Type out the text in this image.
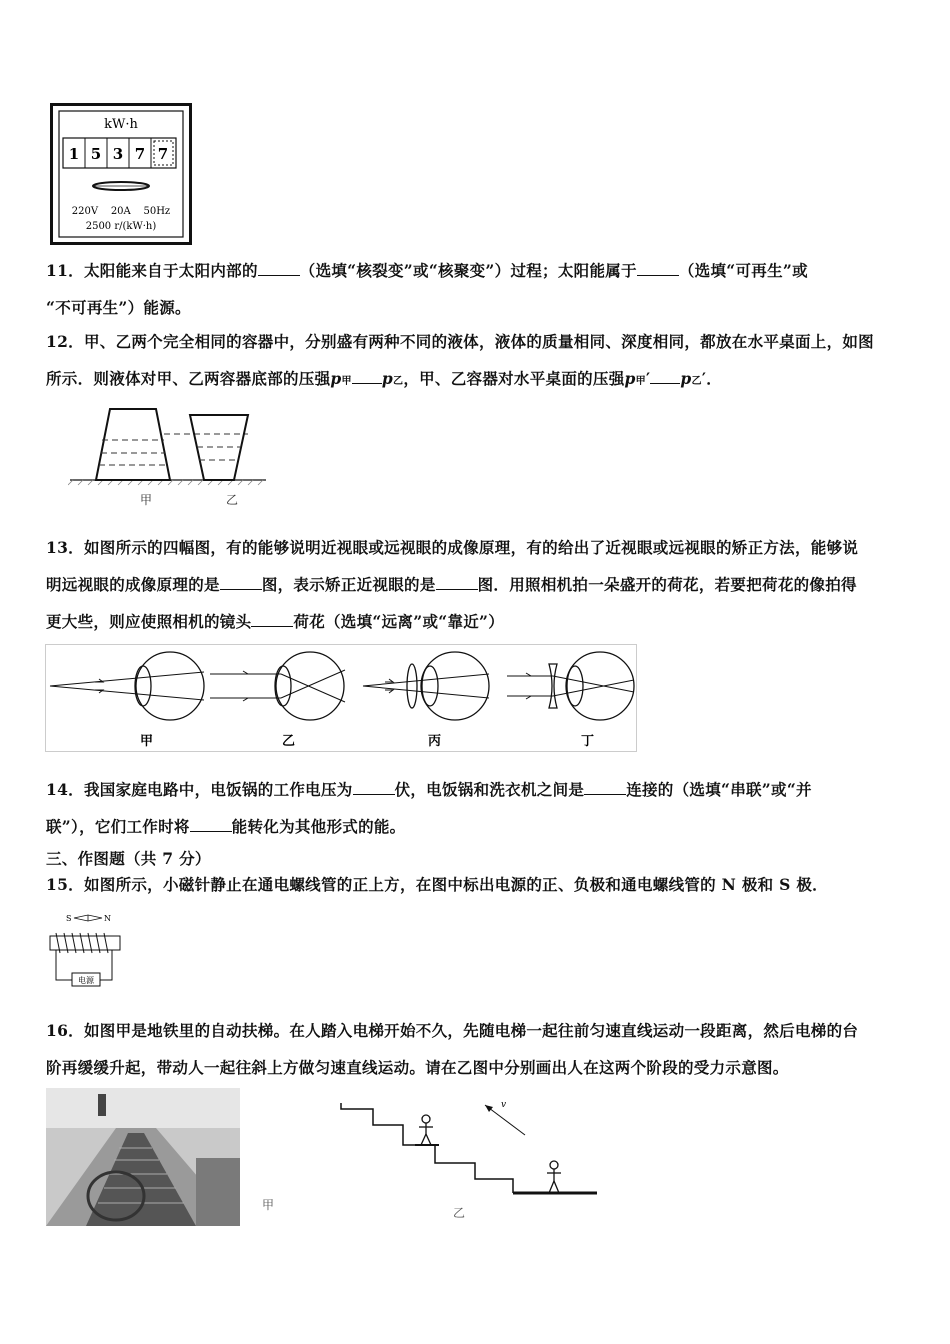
kW·h
1 5 3 7 7
220V    20A    50Hz
2500 r/(kW·h)
11．太阳能来自于太阳内部的	（选填“核裂变”或“核聚变”）过程；太阳能属于	（选填“可再生”或
“不可再生”）能源。
12．甲、乙两个完全相同的容器中，分别盛有两种不同的液体，液体的质量相同、深度相同，都放在水平桌面上，如图
所示．则液体对甲、乙两容器底部的压强p甲 p乙，甲、乙容器对水平桌面的压强p甲′ p乙′．
甲	乙
13．如图所示的四幅图，有的能够说明近视眼或远视眼的成像原理，有的给出了近视眼或远视眼的矫正方法，能够说
明远视眼的成像原理的是	图，表示矫正近视眼的是	图．用照相机拍一朵盛开的荷花，若要把荷花的像拍得
更大些，则应使照相机的镜头	荷花（选填“远离”或“靠近”）
甲	乙	丙	丁
14．我国家庭电路中，电饭锅的工作电压为	伏，电饭锅和洗衣机之间是	连接的（选填“串联”或“并
联”），它们工作时将	能转化为其他形式的能。
三、作图题（共 7 分）
15．如图所示，小磁针静止在通电螺线管的正上方，在图中标出电源的正、负极和通电螺线管的 N 极和 S 极．
S	N
电源
16．如图甲是地铁里的自动扶梯。在人踏入电梯开始不久，先随电梯一起往前匀速直线运动一段距离，然后电梯的台
阶再缓缓升起，带动人一起往斜上方做匀速直线运动。请在乙图中分别画出人在这两个阶段的受力示意图。
甲
v
乙
